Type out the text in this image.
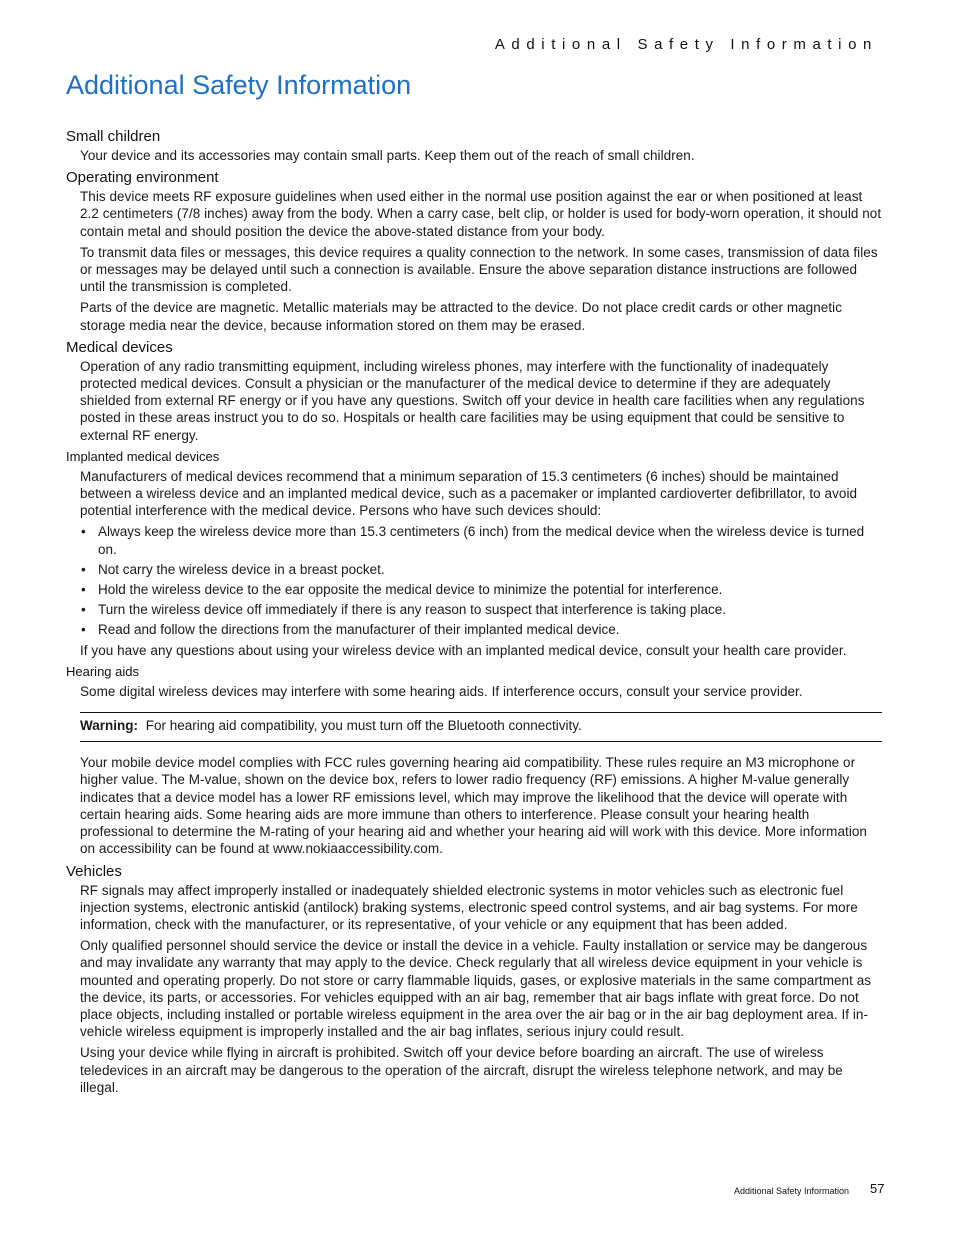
Additional Safety Information
Additional Safety Information
Small children

Your device and its accessories may contain small parts. Keep them out of the reach of small children.

Operating environment

This device meets RF exposure guidelines when used either in the normal use position against the ear or when positioned at least 2.2 centimeters (7/8 inches) away from the body. When a carry case, belt clip, or holder is used for body-worn operation, it should not contain metal and should position the device the above-stated distance from your body.

To transmit data files or messages, this device requires a quality connection to the network. In some cases, transmission of data files or messages may be delayed until such a connection is available. Ensure the above separation distance instructions are followed until the transmission is completed.

Parts of the device are magnetic. Metallic materials may be attracted to the device. Do not place credit cards or other magnetic storage media near the device, because information stored on them may be erased.

Medical devices

Operation of any radio transmitting equipment, including wireless phones, may interfere with the functionality of inadequately protected medical devices. Consult a physician or the manufacturer of the medical device to determine if they are adequately shielded from external RF energy or if you have any questions. Switch off your device in health care facilities when any regulations posted in these areas instruct you to do so. Hospitals or health care facilities may be using equipment that could be sensitive to external RF energy.

Implanted medical devices

Manufacturers of medical devices recommend that a minimum separation of 15.3 centimeters (6 inches) should be maintained between a wireless device and an implanted medical device, such as a pacemaker or implanted cardioverter defibrillator, to avoid potential interference with the medical device. Persons who have such devices should:

• Always keep the wireless device more than 15.3 centimeters (6 inch) from the medical device when the wireless device is turned on.
• Not carry the wireless device in a breast pocket.
• Hold the wireless device to the ear opposite the medical device to minimize the potential for interference.
• Turn the wireless device off immediately if there is any reason to suspect that interference is taking place.
• Read and follow the directions from the manufacturer of their implanted medical device.

If you have any questions about using your wireless device with an implanted medical device, consult your health care provider.

Hearing aids

Some digital wireless devices may interfere with some hearing aids. If interference occurs, consult your service provider.

Warning: For hearing aid compatibility, you must turn off the Bluetooth connectivity.

Your mobile device model complies with FCC rules governing hearing aid compatibility. These rules require an M3 microphone or higher value. The M-value, shown on the device box, refers to lower radio frequency (RF) emissions. A higher M-value generally indicates that a device model has a lower RF emissions level, which may improve the likelihood that the device will operate with certain hearing aids. Some hearing aids are more immune than others to interference. Please consult your hearing health professional to determine the M-rating of your hearing aid and whether your hearing aid will work with this device. More information on accessibility can be found at www.nokiaaccessibility.com.

Vehicles

RF signals may affect improperly installed or inadequately shielded electronic systems in motor vehicles such as electronic fuel injection systems, electronic antiskid (antilock) braking systems, electronic speed control systems, and air bag systems. For more information, check with the manufacturer, or its representative, of your vehicle or any equipment that has been added.

Only qualified personnel should service the device or install the device in a vehicle. Faulty installation or service may be dangerous and may invalidate any warranty that may apply to the device. Check regularly that all wireless device equipment in your vehicle is mounted and operating properly. Do not store or carry flammable liquids, gases, or explosive materials in the same compartment as the device, its parts, or accessories. For vehicles equipped with an air bag, remember that air bags inflate with great force. Do not place objects, including installed or portable wireless equipment in the area over the air bag or in the air bag deployment area. If in-vehicle wireless equipment is improperly installed and the air bag inflates, serious injury could result.

Using your device while flying in aircraft is prohibited. Switch off your device before boarding an aircraft. The use of wireless teledevices in an aircraft may be dangerous to the operation of the aircraft, disrupt the wireless telephone network, and may be illegal.

Additional Safety Information 57
